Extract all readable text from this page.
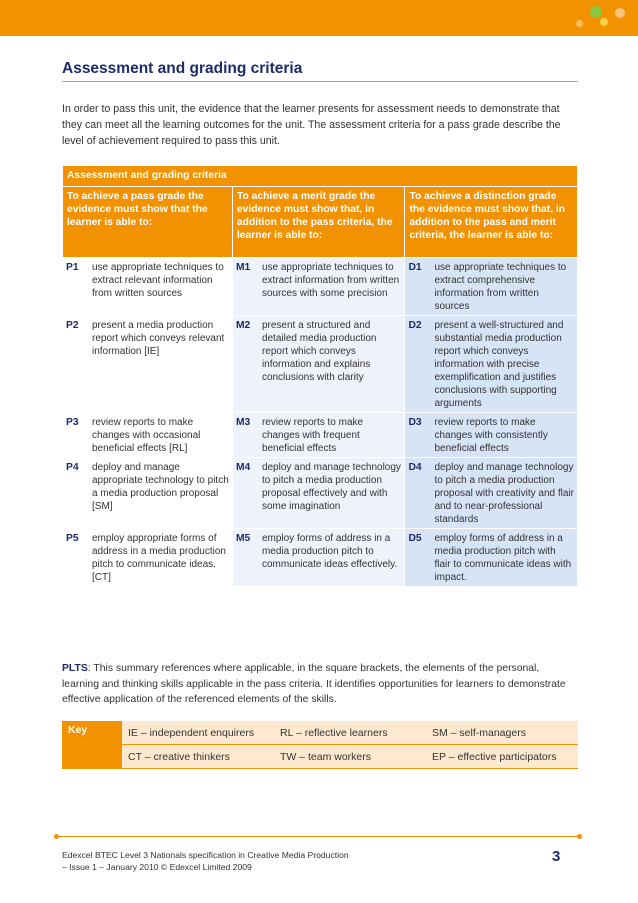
Assessment and grading criteria
In order to pass this unit, the evidence that the learner presents for assessment needs to demonstrate that they can meet all the learning outcomes for the unit. The assessment criteria for a pass grade describe the level of achievement required to pass this unit.
Assessment and grading criteria		
To achieve a pass grade the evidence must show that the learner is able to:	To achieve a merit grade the evidence must show that, in addition to the pass criteria, the learner is able to:	To achieve a distinction grade the evidence must show that, in addition to the pass and merit criteria, the learner is able to:

P1 use appropriate techniques to extract relevant information from written sources	M1 use appropriate techniques to extract information from written sources with some precision	D1 use appropriate techniques to extract comprehensive information from written sources

P2 present a media production report which conveys relevant information [IE]	M2 present a structured and detailed media production report which conveys information and explains conclusions with clarity	D2 present a well-structured and substantial media production report which conveys information with precise exemplification and justifies conclusions with supporting arguments

P3 review reports to make changes with occasional beneficial effects [RL]	M3 review reports to make changes with frequent beneficial effects	D3 review reports to make changes with consistently beneficial effects

P4 deploy and manage appropriate technology to pitch a media production proposal [SM]	M4 deploy and manage technology to pitch a media production proposal effectively and with some imagination	D4 deploy and manage technology to pitch a media production proposal with creativity and flair and to near-professional standards

P5 employ appropriate forms of address in a media production pitch to communicate ideas. [CT]	M5 employ forms of address in a media production pitch to communicate ideas effectively.	D5 employ forms of address in a media production pitch with flair to communicate ideas with impact.
PLTS: This summary references where applicable, in the square brackets, the elements of the personal, learning and thinking skills applicable in the pass criteria. It identifies opportunities for learners to demonstrate effective application of the referenced elements of the skills.
Key	IE – independent enquirers	RL – reflective learners	SM – self-managers
	CT – creative thinkers	TW – team workers	EP – effective participators
Edexcel BTEC Level 3 Nationals specification in Creative Media Production
– Issue 1 – January 2010 © Edexcel Limited 2009
3
